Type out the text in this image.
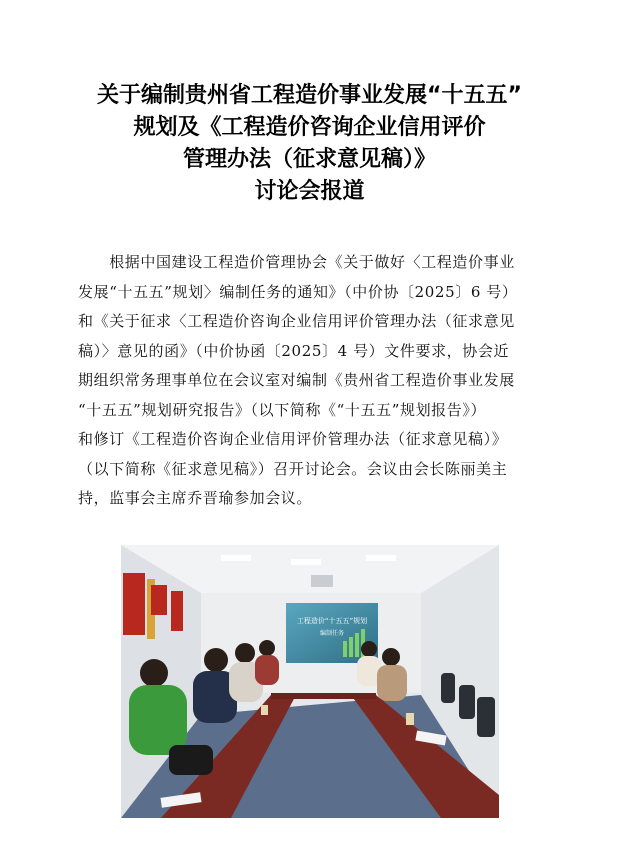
关于编制贵州省工程造价事业发展“十五五”
规划及《工程造价咨询企业信用评价
管理办法（征求意见稿）》
讨论会报道

　　根据中国建设工程造价管理协会《关于做好〈工程造价事业

发展“十五五”规划〉编制任务的通知》（中价协〔2025〕6 号）

和《关于征求〈工程造价咨询企业信用评价管理办法（征求意见

稿）〉意见的函》（中价协函〔2025〕4 号）文件要求，协会近

期组织常务理事单位在会议室对编制《贵州省工程造价事业发展

“十五五”规划研究报告》（以下简称《“十五五”规划报告》）

和修订《工程造价咨询企业信用评价管理办法（征求意见稿）》

（以下简称《征求意见稿》）召开讨论会。会议由会长陈丽美主

持，监事会主席乔晋瑜参加会议。

工程造价“十五五”规划
编制任务
